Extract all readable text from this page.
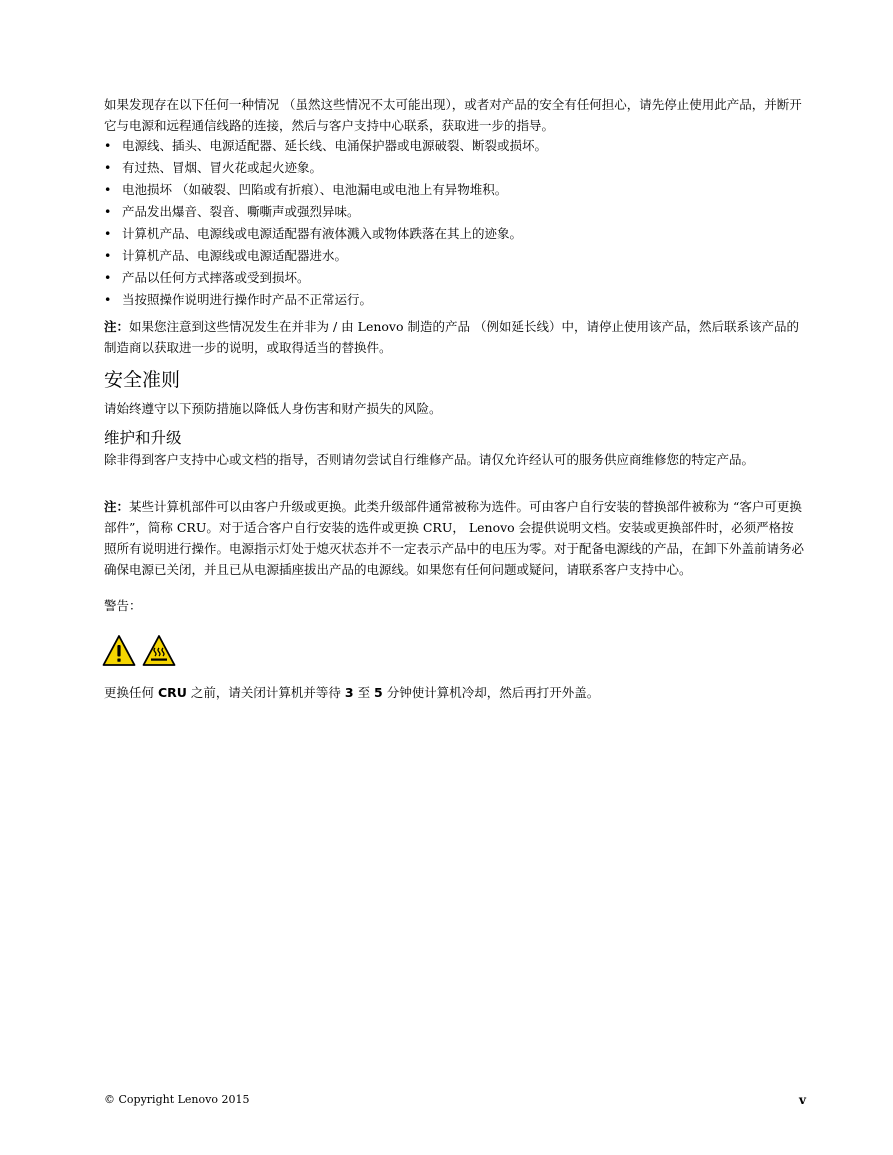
如果发现存在以下任何一种情况 （虽然这些情况不太可能出现），或者对产品的安全有任何担心，请先停止使用此产品，并断开它与电源和远程通信线路的连接，然后与客户支持中心联系，获取进一步的指导。

• 电源线、插头、电源适配器、延长线、电涌保护器或电源破裂、断裂或损坏。
• 有过热、冒烟、冒火花或起火迹象。
• 电池损坏 （如破裂、凹陷或有折痕）、电池漏电或电池上有异物堆积。
• 产品发出爆音、裂音、嘶嘶声或强烈异味。
• 计算机产品、电源线或电源适配器有液体溅入或物体跌落在其上的迹象。
• 计算机产品、电源线或电源适配器进水。
• 产品以任何方式摔落或受到损坏。
• 当按照操作说明进行操作时产品不正常运行。

注：如果您注意到这些情况发生在并非为 / 由 Lenovo 制造的产品 （例如延长线）中，请停止使用该产品，然后联系该产品的制造商以获取进一步的说明，或取得适当的替换件。

安全准则

请始终遵守以下预防措施以降低人身伤害和财产损失的风险。

维护和升级

除非得到客户支持中心或文档的指导，否则请勿尝试自行维修产品。请仅允许经认可的服务供应商维修您的特定产品。

注：某些计算机部件可以由客户升级或更换。此类升级部件通常被称为选件。可由客户自行安装的替换部件被称为 “客户可更换部件”，简称 CRU。对于适合客户自行安装的选件或更换 CRU， Lenovo 会提供说明文档。安装或更换部件时，必须严格按照所有说明进行操作。电源指示灯处于熄灭状态并不一定表示产品中的电压为零。对于配备电源线的产品，在卸下外盖前请务必确保电源已关闭，并且已从电源插座拔出产品的电源线。如果您有任何问题或疑问，请联系客户支持中心。

警告：

更换任何 CRU 之前，请关闭计算机并等待 3 至 5 分钟使计算机冷却，然后再打开外盖。

© Copyright Lenovo 2015	v
